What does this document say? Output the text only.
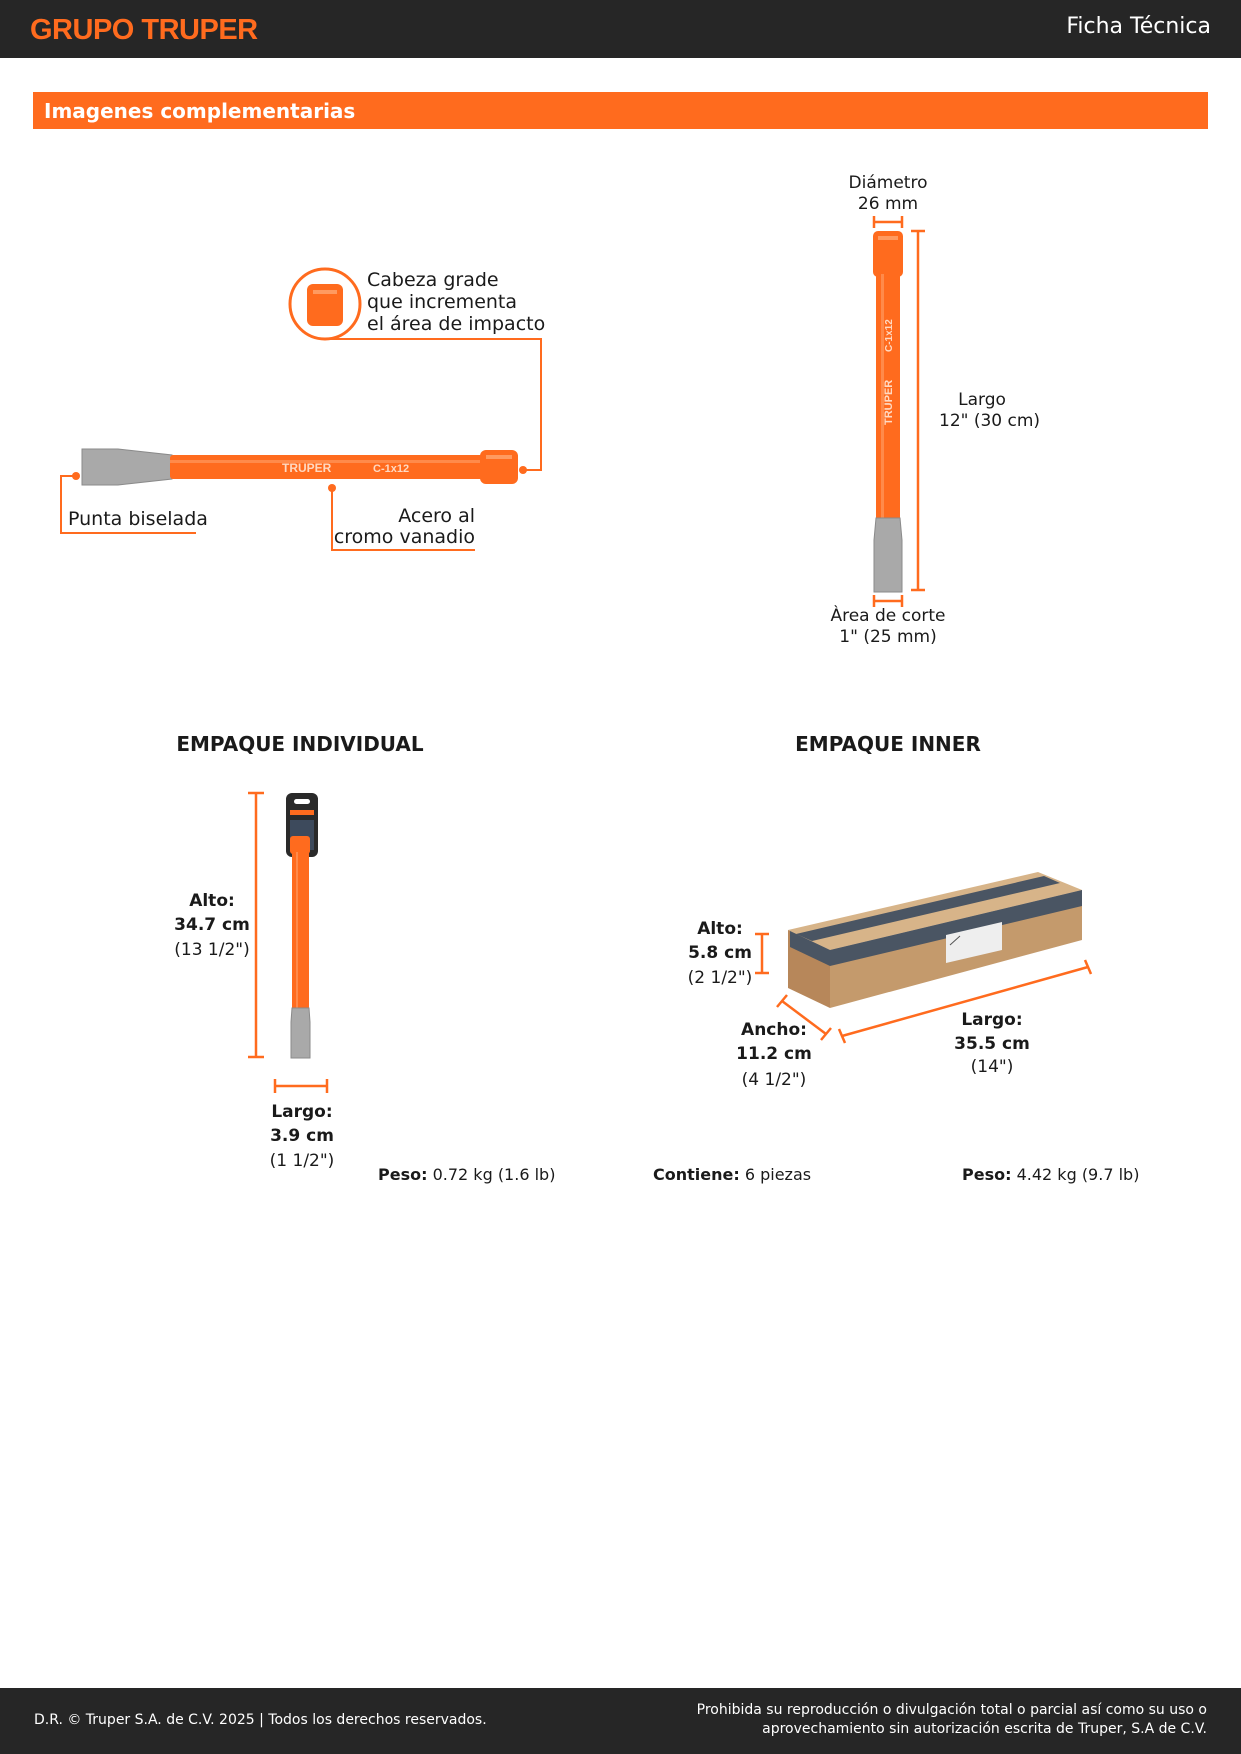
GRUPO TRUPER	Ficha Técnica
Imagenes complementarias
TRUPER	C-1x12
TRUPER
C-1x12
Cabeza grade
que incrementa
el área de impacto
Punta biselada	Acero al
cromo vanadio
Diámetro
26 mm
Largo
12" (30 cm)
Àrea de corte
1" (25 mm)
EMPAQUE INDIVIDUAL
Alto:
34.7 cm
(13 1/2")
Largo:
3.9 cm
(1 1/2")
Peso: 0.72 kg (1.6 lb)
EMPAQUE INNER
Alto:
5.8 cm
(2 1/2")
Ancho:
11.2 cm
(4 1/2")
Largo:
35.5 cm
(14")
Contiene: 6 piezas	Peso: 4.42 kg (9.7 lb)
D.R. © Truper S.A. de C.V. 2025 | Todos los derechos reservados.
Prohibida su reproducción o divulgación total o parcial así como su uso o
aprovechamiento sin autorización escrita de Truper, S.A de C.V.
